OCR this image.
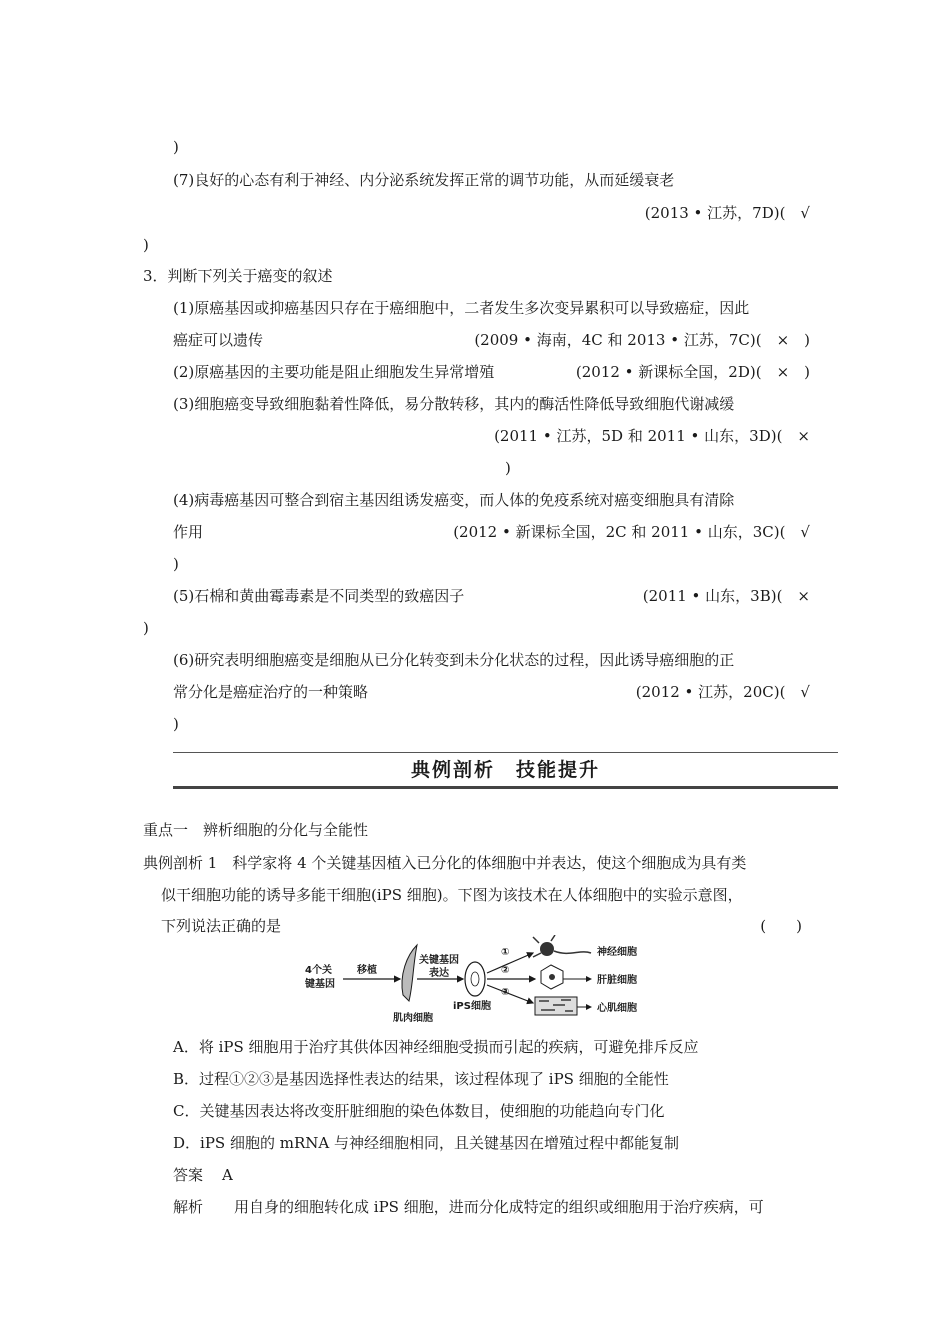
)
(7)良好的心态有利于神经、内分泌系统发挥正常的调节功能，从而延缓衰老
(2013 • 江苏，7D)(　√
)
3．判断下列关于癌变的叙述
(1)原癌基因或抑癌基因只存在于癌细胞中，二者发生多次变异累积可以导致癌症，因此
癌症可以遗传	(2009 • 海南，4C 和 2013 • 江苏，7C)(　×　)
(2)原癌基因的主要功能是阻止细胞发生异常增殖	(2012 • 新课标全国，2D)(　×　)
(3)细胞癌变导致细胞黏着性降低，易分散转移，其内的酶活性降低导致细胞代谢减缓
(2011 • 江苏，5D 和 2011 • 山东，3D)(　×
)
(4)病毒癌基因可整合到宿主基因组诱发癌变，而人体的免疫系统对癌变细胞具有清除
作用	(2012 • 新课标全国，2C 和 2011 • 山东，3C)(　√
)
(5)石棉和黄曲霉毒素是不同类型的致癌因子	(2011 • 山东，3B)(　×
)
(6)研究表明细胞癌变是细胞从已分化转变到未分化状态的过程，因此诱导癌细胞的正
常分化是癌症治疗的一种策略	(2012 • 江苏，20C)(　√
)
典例剖析　技能提升
重点一　辨析细胞的分化与全能性
典例剖析 1　科学家将 4 个关键基因植入已分化的体细胞中并表达，使这个细胞成为具有类
似干细胞功能的诱导多能干细胞(iPS 细胞)。下图为该技术在人体细胞中的实验示意图，
下列说法正确的是	(　　)
4个关
键基因
移植
肌肉细胞
关键基因
表达
iPS细胞
①
②
③
神经细胞
肝脏细胞
心肌细胞
A．将 iPS 细胞用于治疗其供体因神经细胞受损而引起的疾病，可避免排斥反应
B．过程①②③是基因选择性表达的结果，该过程体现了 iPS 细胞的全能性
C．关键基因表达将改变肝脏细胞的染色体数目，使细胞的功能趋向专门化
D．iPS 细胞的 mRNA 与神经细胞相同，且关键基因在增殖过程中都能复制
答案 A
解析 用自身的细胞转化成 iPS 细胞，进而分化成特定的组织或细胞用于治疗疾病，可
